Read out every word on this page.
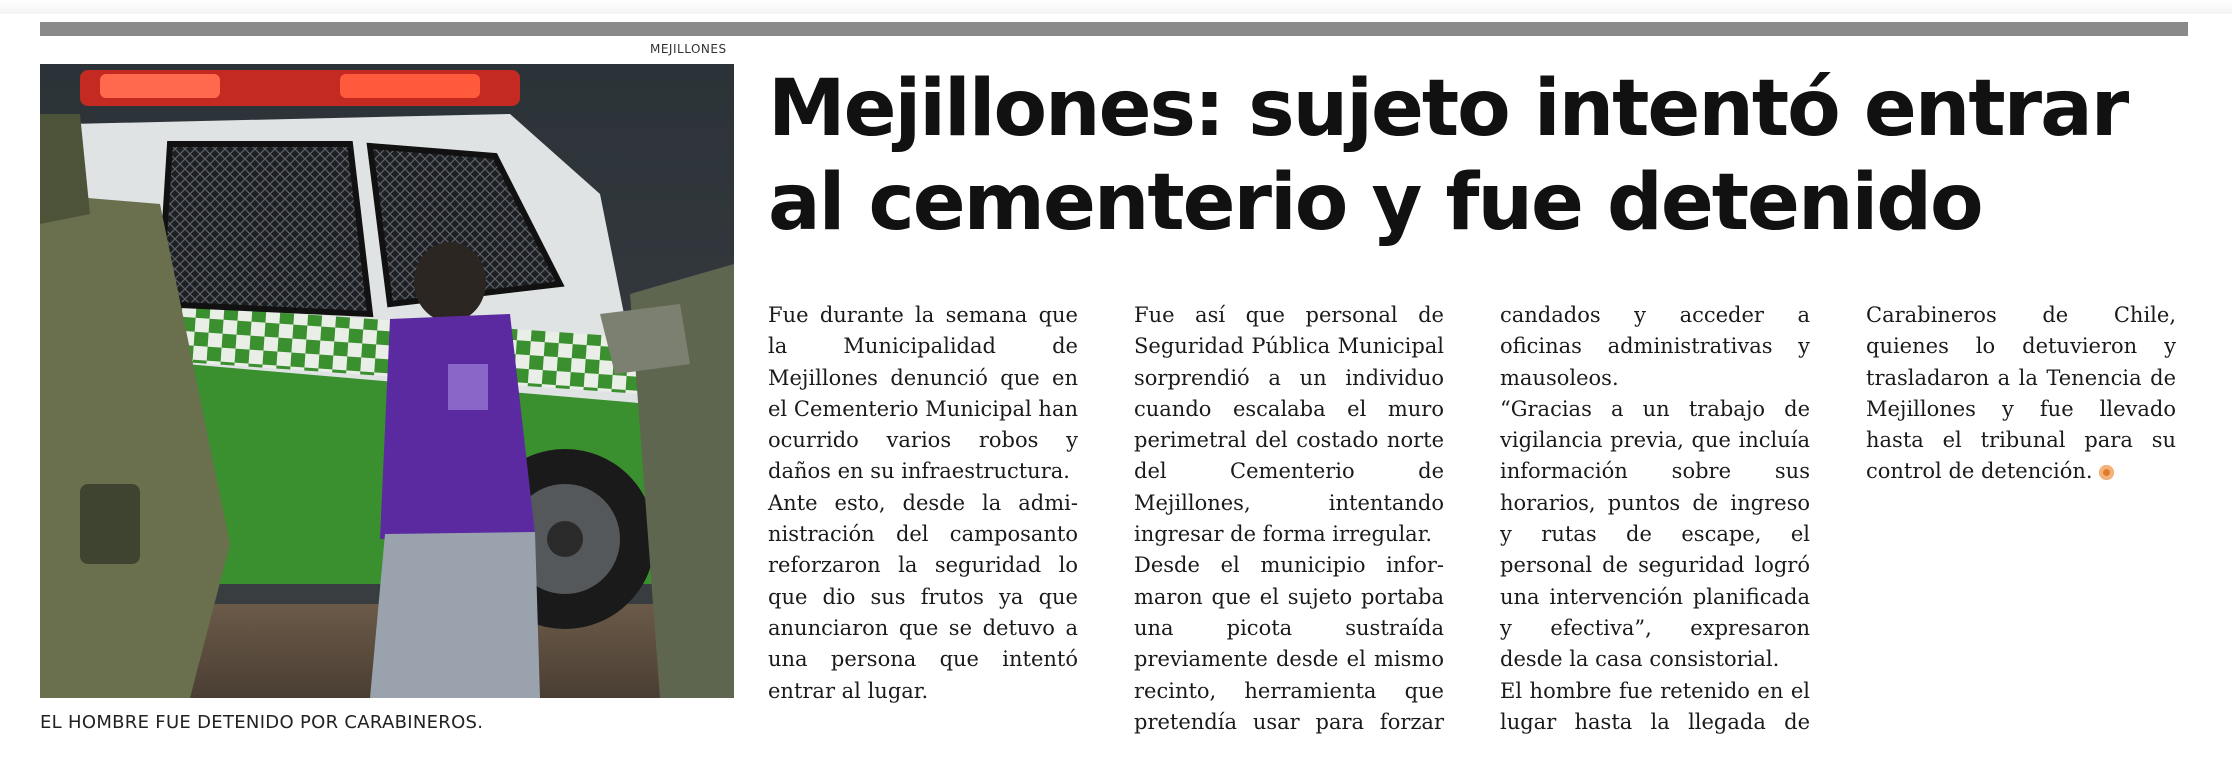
MEJILLONES
EL HOMBRE FUE DETENIDO POR CARABINEROS.
Mejillones: sujeto intentó entrar al cementerio y fue detenido

Fue durante la semana que la Municipalidad de Mejillones denunció que en el Cementerio Municipal han ocurrido varios robos y daños en su infraestructura.

Ante esto, desde la administración del camposanto reforzaron la seguridad lo que dio sus frutos ya que anunciaron que se detuvo a una persona que intentó entrar al lugar.

Fue así que personal de Seguridad Pública Municipal sorprendió a un individuo cuando escalaba el muro perimetral del costado norte del Cementerio de Mejillones, intentando ingresar de forma irregular.

Desde el municipio informaron que el sujeto portaba una picota sustraída previamente desde el mismo recinto, herramienta que pretendía usar para forzar candados y acceder a oficinas administrativas y mausoleos.

“Gracias a un trabajo de vigilancia previa, que incluía información sobre sus horarios, puntos de ingreso y rutas de escape, el personal de seguridad logró una intervención planificada y efectiva”, expresaron desde la casa consistorial.

El hombre fue retenido en el lugar hasta la llegada de Carabineros de Chile, quienes lo detuvieron y trasladaron a la Tenencia de Mejillones y fue llevado hasta el tribunal para su control de detención.
